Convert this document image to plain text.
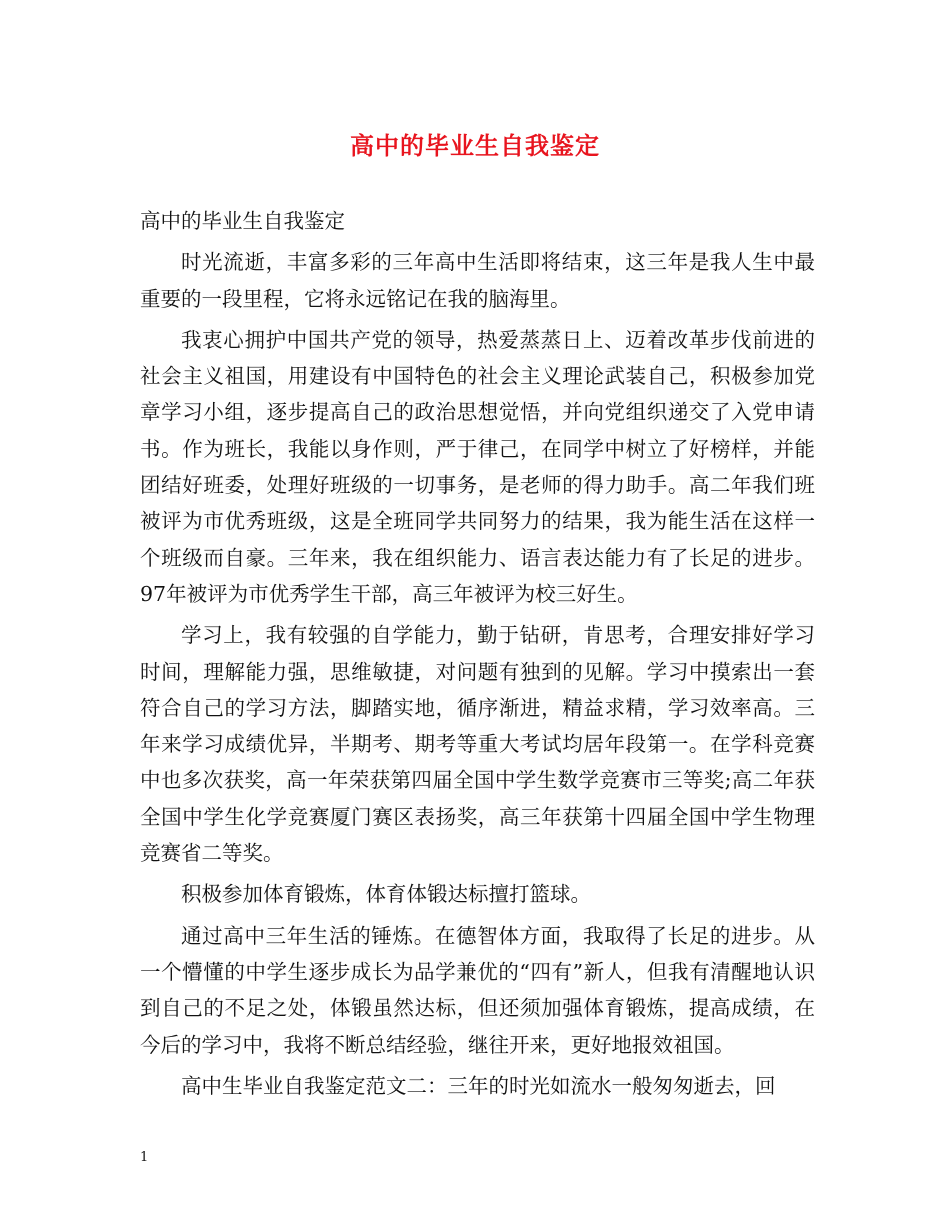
高中的毕业生自我鉴定

高中的毕业生自我鉴定

时光流逝，丰富多彩的三年高中生活即将结束，这三年是我人生中最重要的一段里程，它将永远铭记在我的脑海里。

我衷心拥护中国共产党的领导，热爱蒸蒸日上、迈着改革步伐前进的社会主义祖国，用建设有中国特色的社会主义理论武装自己，积极参加党章学习小组，逐步提高自己的政治思想觉悟，并向党组织递交了入党申请书。作为班长，我能以身作则，严于律己，在同学中树立了好榜样，并能团结好班委，处理好班级的一切事务，是老师的得力助手。高二年我们班被评为市优秀班级，这是全班同学共同努力的结果，我为能生活在这样一个班级而自豪。三年来，我在组织能力、语言表达能力有了长足的进步。97年被评为市优秀学生干部，高三年被评为校三好生。

学习上，我有较强的自学能力，勤于钻研，肯思考，合理安排好学习时间，理解能力强，思维敏捷，对问题有独到的见解。学习中摸索出一套符合自己的学习方法，脚踏实地，循序渐进，精益求精，学习效率高。三年来学习成绩优异，半期考、期考等重大考试均居年段第一。在学科竞赛中也多次获奖，高一年荣获第四届全国中学生数学竞赛市三等奖;高二年获全国中学生化学竞赛厦门赛区表扬奖，高三年获第十四届全国中学生物理竞赛省二等奖。

积极参加体育锻炼，体育体锻达标擅打篮球。

通过高中三年生活的锤炼。在德智体方面，我取得了长足的进步。从一个懵懂的中学生逐步成长为品学兼优的“四有”新人，但我有清醒地认识到自己的不足之处，体锻虽然达标，但还须加强体育锻炼，提高成绩，在今后的学习中，我将不断总结经验，继往开来，更好地报效祖国。

高中生毕业自我鉴定范文二：三年的时光如流水一般匆匆逝去，回

1
